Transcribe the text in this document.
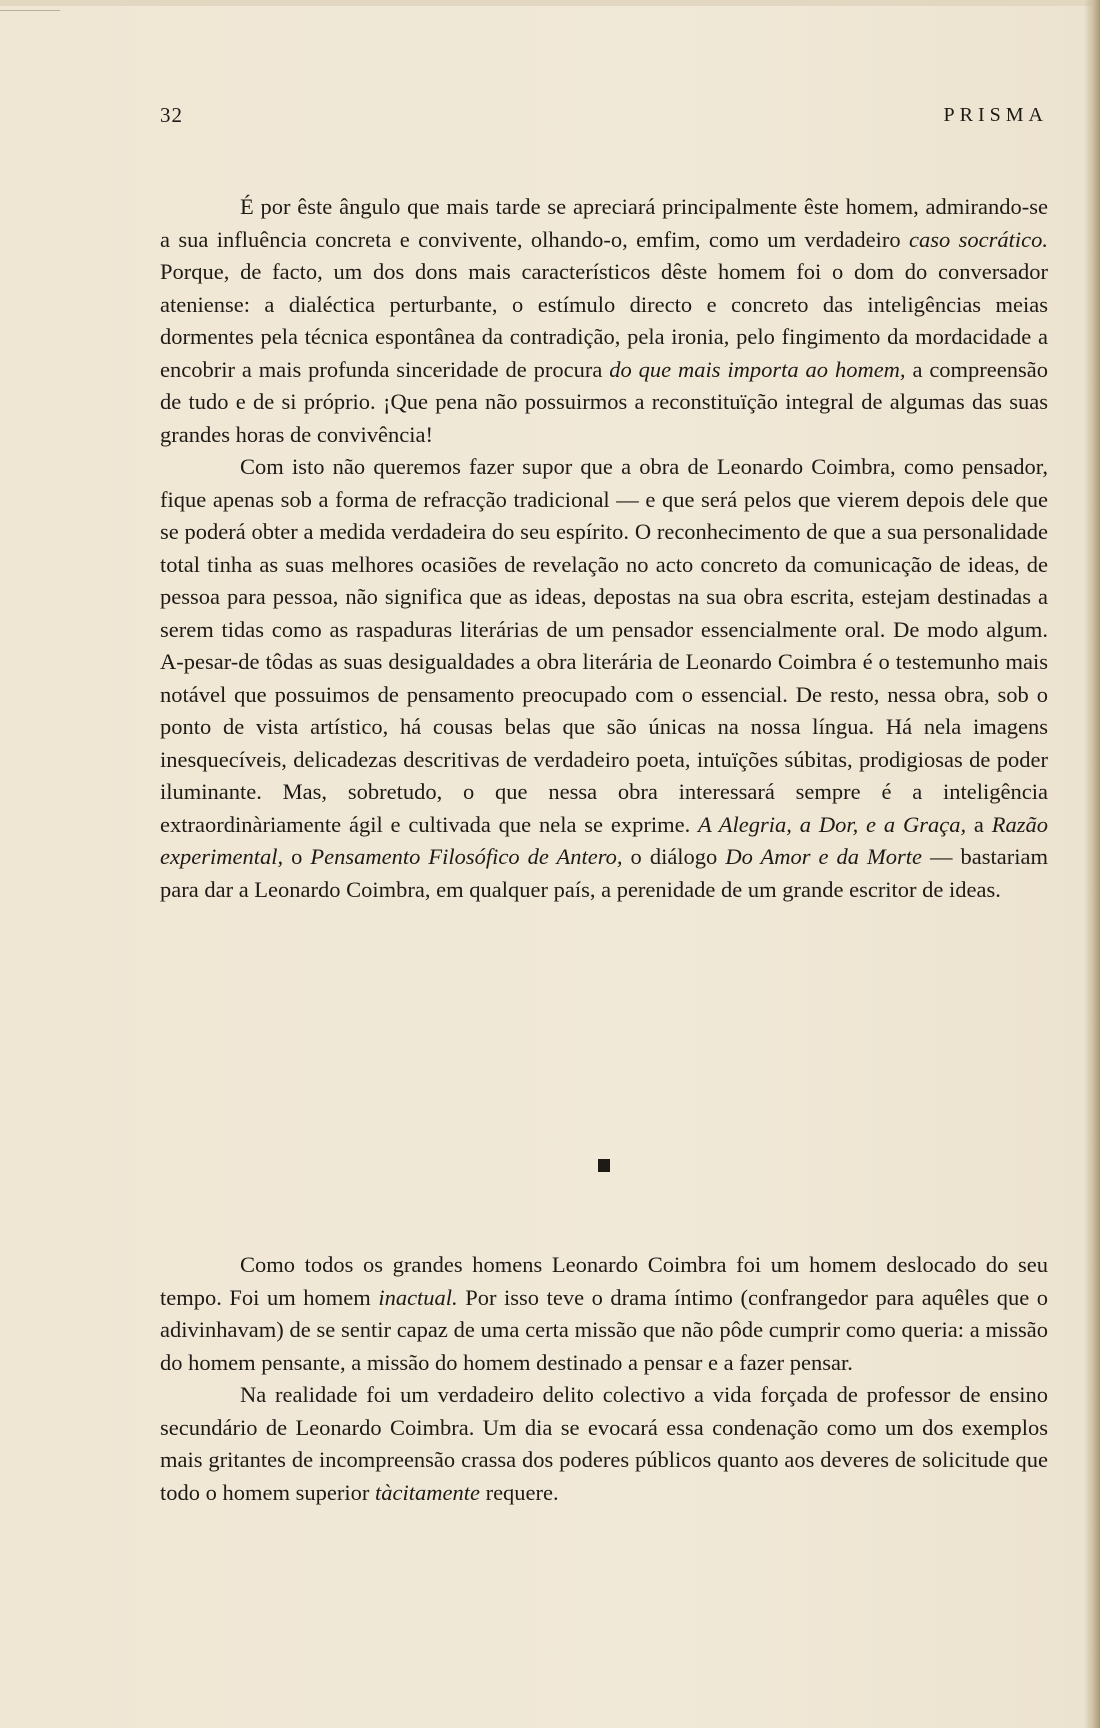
32	PRISMA

É por êste ângulo que mais tarde se apreciará principalmente êste homem, admirando-se a sua influência concreta e convivente, olhando-o, emfim, como um verdadeiro caso socrático. Porque, de facto, um dos dons mais característicos dêste homem foi o dom do conversador ateniense: a dialéctica perturbante, o estímulo directo e concreto das inteligências meias dormentes pela técnica espontânea da contradição, pela ironia, pelo fingimento da mordacidade a encobrir a mais profunda sinceridade de procura do que mais importa ao homem, a compreensão de tudo e de si próprio. ¡Que pena não possuirmos a reconstituïção integral de algumas das suas grandes horas de convivência!

Com isto não queremos fazer supor que a obra de Leonardo Coimbra, como pensador, fique apenas sob a forma de refracção tradicional — e que será pelos que vierem depois dele que se poderá obter a medida verdadeira do seu espírito. O reconhecimento de que a sua personalidade total tinha as suas melhores ocasiões de revelação no acto concreto da comunicação de ideas, de pessoa para pessoa, não significa que as ideas, depostas na sua obra escrita, estejam destinadas a serem tidas como as raspaduras literárias de um pensador essencialmente oral. De modo algum. A-pesar-de tôdas as suas desigualdades a obra literária de Leonardo Coimbra é o testemunho mais notável que possuimos de pensamento preocupado com o essencial. De resto, nessa obra, sob o ponto de vista artístico, há cousas belas que são únicas na nossa língua. Há nela imagens inesquecíveis, delicadezas descritivas de verdadeiro poeta, intuïções súbitas, prodigiosas de poder iluminante. Mas, sobretudo, o que nessa obra interessará sempre é a inteligência extraordinàriamente ágil e cultivada que nela se exprime. A Alegria, a Dor, e a Graça, a Razão experimental, o Pensamento Filosófico de Antero, o diálogo Do Amor e da Morte — bastariam para dar a Leonardo Coimbra, em qualquer país, a perenidade de um grande escritor de ideas.

Como todos os grandes homens Leonardo Coimbra foi um homem deslocado do seu tempo. Foi um homem inactual. Por isso teve o drama íntimo (confrangedor para aquêles que o adivinhavam) de se sentir capaz de uma certa missão que não pôde cumprir como queria: a missão do homem pensante, a missão do homem destinado a pensar e a fazer pensar.

Na realidade foi um verdadeiro delito colectivo a vida forçada de professor de ensino secundário de Leonardo Coimbra. Um dia se evocará essa condenação como um dos exemplos mais gritantes de incompreensão crassa dos poderes públicos quanto aos deveres de solicitude que todo o homem superior tàcitamente requere.
